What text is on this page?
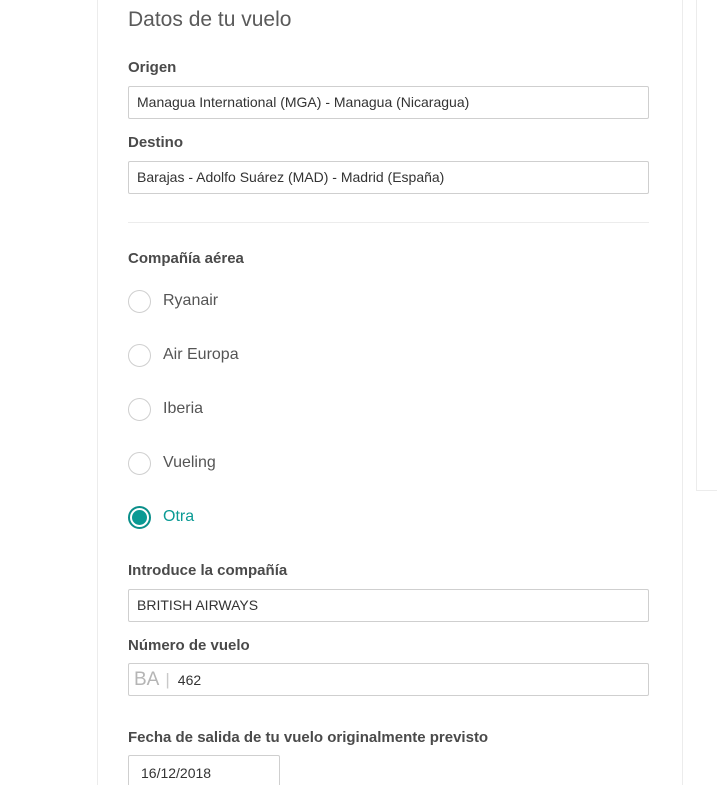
Datos de tu vuelo
Origen
Managua International (MGA) - Managua (Nicaragua)
Destino
Barajas - Adolfo Suárez (MAD) - Madrid (España)
Compañía aérea
Ryanair
Air Europa
Iberia
Vueling
Otra
Introduce la compañía
BRITISH AIRWAYS
Número de vuelo
BA | 462
Fecha de salida de tu vuelo originalmente previsto
16/12/2018
